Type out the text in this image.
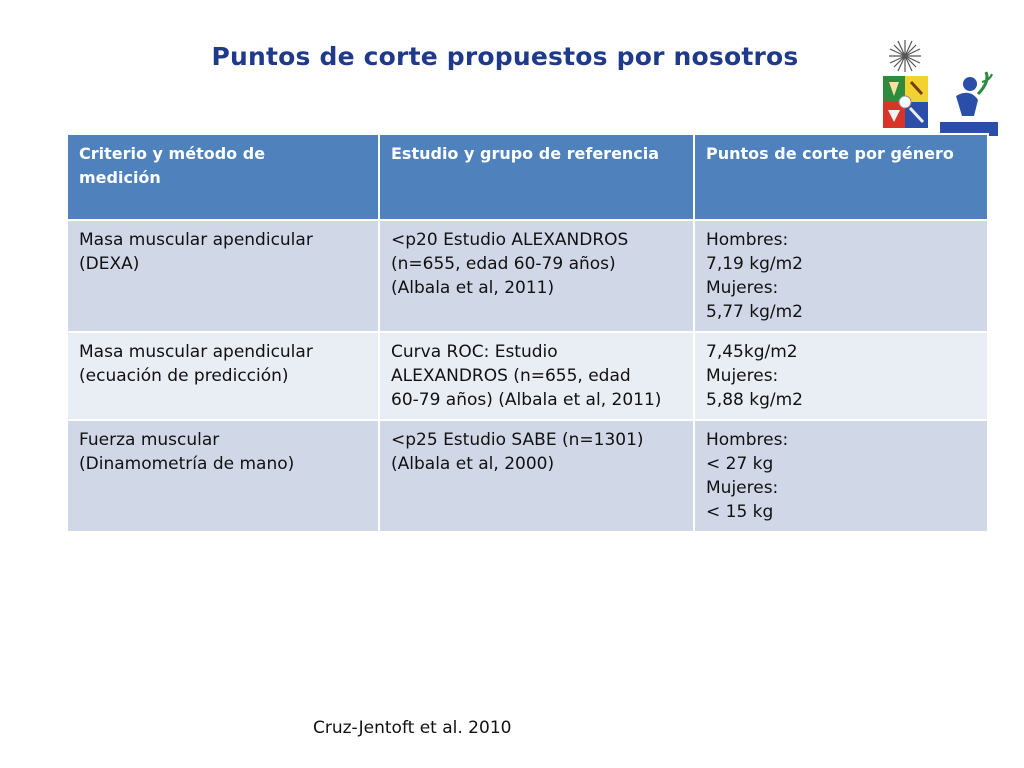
Puntos de corte propuestos por nosotros
Criterio y método de
medición	Estudio y grupo de referencia	Puntos de corte por género

Masa muscular apendicular
(DEXA)	<p20 Estudio ALEXANDROS
(n=655, edad 60-79 años)
(Albala et al, 2011)	Hombres:
7,19 kg/m2
Mujeres:
5,77 kg/m2

Masa muscular apendicular
(ecuación de predicción)	Curva ROC: Estudio
ALEXANDROS (n=655, edad
60-79 años) (Albala et al, 2011)	7,45kg/m2
Mujeres:
5,88 kg/m2

Fuerza muscular
(Dinamometría de mano)	<p25 Estudio SABE (n=1301)
(Albala et al, 2000)	Hombres:
< 27 kg
Mujeres:
< 15 kg
Cruz-Jentoft et al. 2010
